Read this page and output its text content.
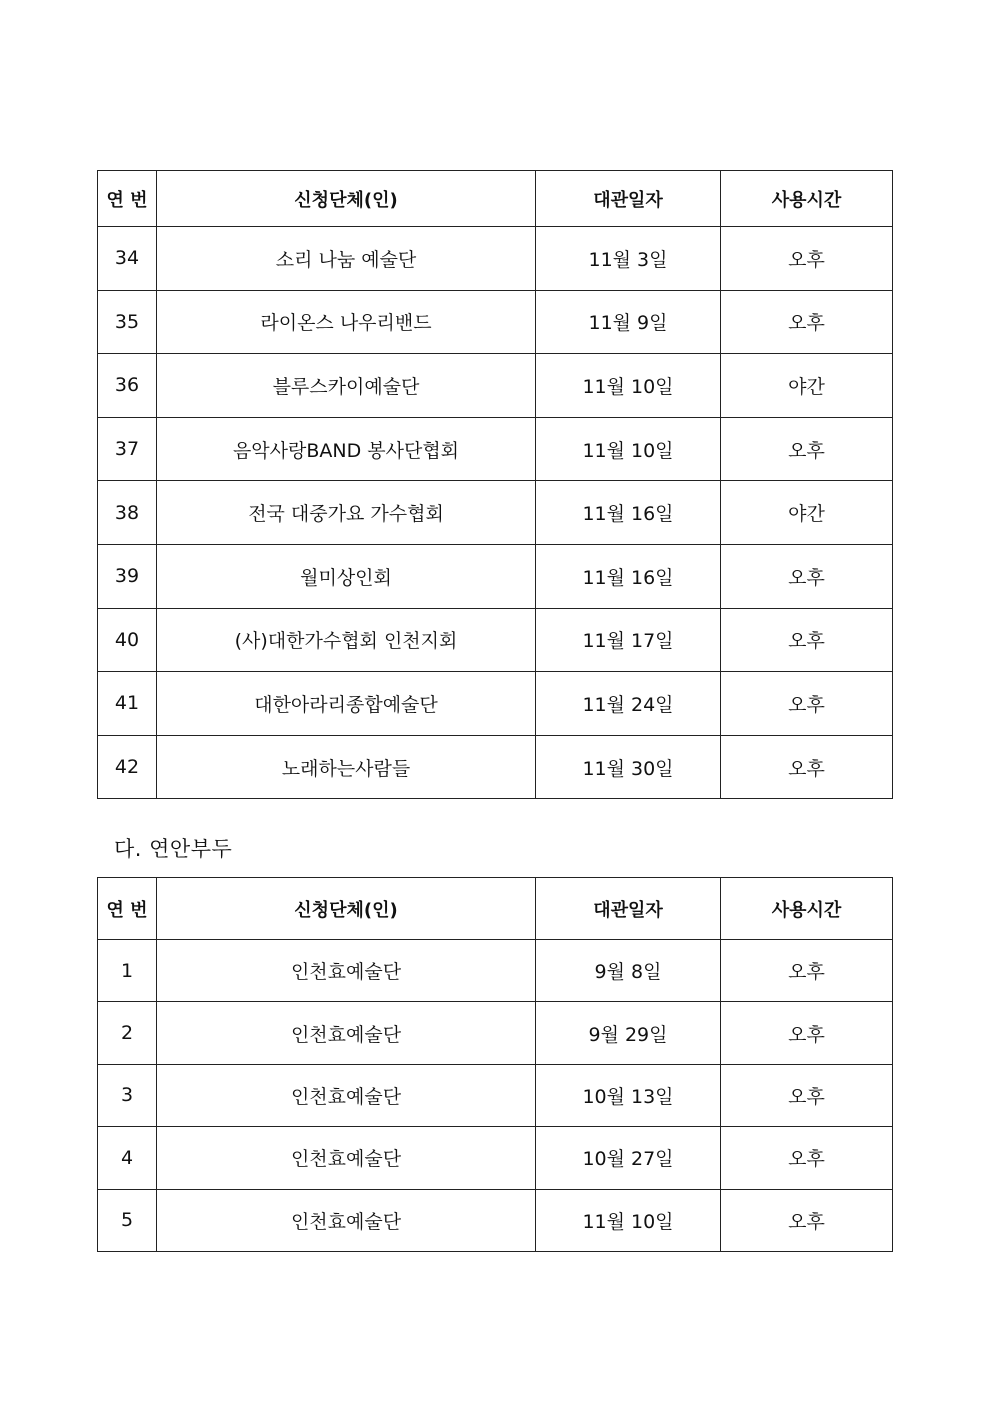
연 번	신청단체(인)	대관일자	사용시간
34	소리 나눔 예술단	11월 3일	오후
35	라이온스 나우리밴드	11월 9일	오후
36	블루스카이예술단	11월 10일	야간
37	음악사랑BAND 봉사단협회	11월 10일	오후
38	전국 대중가요 가수협회	11월 16일	야간
39	월미상인회	11월 16일	오후
40	(사)대한가수협회 인천지회	11월 17일	오후
41	대한아라리종합예술단	11월 24일	오후
42	노래하는사람들	11월 30일	오후
다. 연안부두
연 번	신청단체(인)	대관일자	사용시간
1	인천효예술단	9월 8일	오후
2	인천효예술단	9월 29일	오후
3	인천효예술단	10월 13일	오후
4	인천효예술단	10월 27일	오후
5	인천효예술단	11월 10일	오후
